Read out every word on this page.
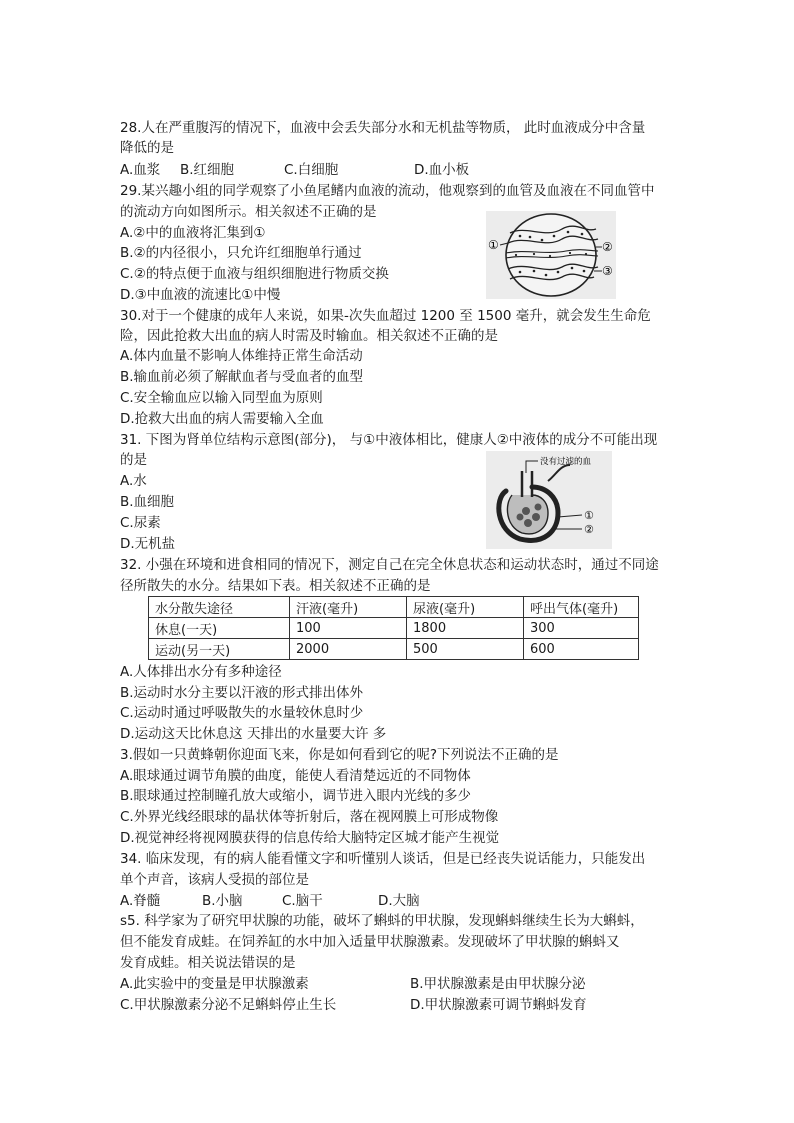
28.人在严重腹泻的情况下，血液中会丢失部分水和无机盐等物质， 此时血液成分中含量
降低的是
A.血浆 B.红细胞	C.白细胞	D.血小板
29.某兴趣小组的同学观察了小鱼尾鳍内血液的流动，他观察到的血管及血液在不同血管中
的流动方向如图所示。相关叙述不正确的是
A.②中的血液将汇集到①
B.②的内径很小，只允许红细胞单行通过
C.②的特点便于血液与组织细胞进行物质交换
D.③中血液的流速比①中慢
①	②
③
30.对于一个健康的成年人来说，如果-次失血超过 1200 至 1500 毫升，就会发生生命危
险，因此抢救大出血的病人时需及时输血。相关叙述不正确的是
A.体内血量不影响人体维持正常生命活动
B.输血前必须了解献血者与受血者的血型
C.安全输血应以输入同型血为原则
D.抢救大出血的病人需要输入全血
31. 下图为肾单位结构示意图(部分)， 与①中液体相比，健康人②中液体的成分不可能出现
的是
A.水
B.血细胞
C.尿素
D.无机盐
没有过滤的血
①
②
32. 小强在环境和进食相同的情况下，测定自己在完全休息状态和运动状态时，通过不同途
径所散失的水分。结果如下表。相关叙述不正确的是
水分散失途径	汗液(毫升)	尿液(毫升)	呼出气体(毫升)
休息(一天)	100	1800	300
运动(另一天)	2000	500	600
A.人体排出水分有多种途径
B.运动时水分主要以汗液的形式排出体外
C.运动时通过呼吸散失的水量较休息时少
D.运动这天比休息这 天排出的水量要大许 多
3.假如一只黄蜂朝你迎面飞来，你是如何看到它的呢?下列说法不正确的是
A.眼球通过调节角膜的曲度，能使人看清楚远近的不同物体
B.眼球通过控制瞳孔放大或缩小，调节进入眼内光线的多少
C.外界光线经眼球的晶状体等折射后，落在视网膜上可形成物像
D.视觉神经将视网膜获得的信息传给大脑特定区城才能产生视觉
34. 临床发现，有的病人能看懂文字和听懂别人谈话，但是已经丧失说话能力，只能发出
单个声音，该病人受损的部位是
A.脊髓	B.小脑	C.脑干	D.大脑
s5. 科学家为了研究甲状腺的功能，破坏了蝌蚪的甲状腺，发现蝌蚪继续生长为大蝌蚪，
但不能发育成蛙。在饲养缸的水中加入适量甲状腺激素。发现破坏了甲状腺的蝌蚪又
发育成蛙。相关说法错误的是
A.此实验中的变量是甲状腺激素	B.甲状腺激素是由甲状腺分泌
C.甲状腺激素分泌不足蝌蚪停止生长	D.甲状腺激素可调节蝌蚪发育
